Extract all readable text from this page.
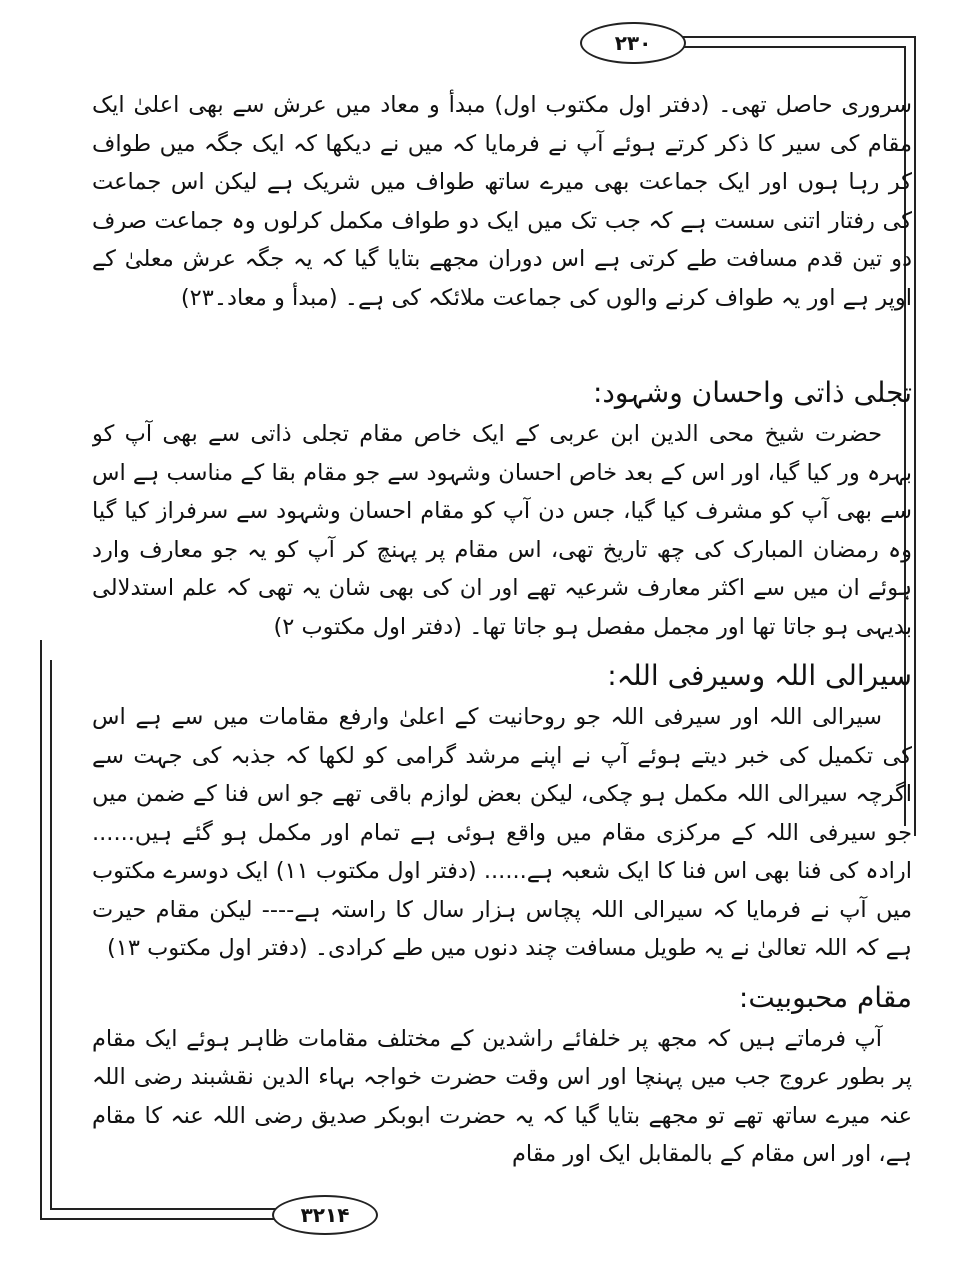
۲۳۰
۳۲۱۴

سروری حاصل تھی۔ (دفتر اول مکتوب اول) مبدأ و معاد میں عرش سے بھی اعلیٰ ایک مقام کی سیر کا ذکر کرتے ہوئے آپ نے فرمایا کہ میں نے دیکھا کہ ایک جگہ میں طواف کر رہا ہوں اور ایک جماعت بھی میرے ساتھ طواف میں شریک ہے لیکن اس جماعت کی رفتار اتنی سست ہے کہ جب تک میں ایک دو طواف مکمل کرلوں وہ جماعت صرف دو تین قدم مسافت طے کرتی ہے اس دوران مجھے بتایا گیا کہ یہ جگہ عرش معلیٰ کے اوپر ہے اور یہ طواف کرنے والوں کی جماعت ملائکہ کی ہے۔ (مبدأ و معاد۔۲۳)

تجلی ذاتی واحسان وشہود:

حضرت شیخ محی الدین ابن عربی کے ایک خاص مقام تجلی ذاتی سے بھی آپ کو بہرہ ور کیا گیا، اور اس کے بعد خاص احسان وشہود سے جو مقام بقا کے مناسب ہے اس سے بھی آپ کو مشرف کیا گیا، جس دن آپ کو مقام احسان وشہود سے سرفراز کیا گیا وہ رمضان المبارک کی چھ تاریخ تھی، اس مقام پر پہنچ کر آپ کو یہ جو معارف وارد ہوئے ان میں سے اکثر معارف شرعیہ تھے اور ان کی بھی شان یہ تھی کہ علم استدلالی بدیہی ہو جاتا تھا اور مجمل مفصل ہو جاتا تھا۔ (دفتر اول مکتوب ۲)

سیرالی اللہ وسیرفی اللہ:

سیرالی اللہ اور سیرفی اللہ جو روحانیت کے اعلیٰ وارفع مقامات میں سے ہے اس کی تکمیل کی خبر دیتے ہوئے آپ نے اپنے مرشد گرامی کو لکھا کہ جذبہ کی جہت سے اگرچہ سیرالی اللہ مکمل ہو چکی، لیکن بعض لوازم باقی تھے جو اس فنا کے ضمن میں جو سیرفی اللہ کے مرکزی مقام میں واقع ہوئی ہے تمام اور مکمل ہو گئے ہیں...... ارادہ کی فنا بھی اس فنا کا ایک شعبہ ہے...... (دفتر اول مکتوب ۱۱) ایک دوسرے مکتوب میں آپ نے فرمایا کہ سیرالی اللہ پچاس ہزار سال کا راستہ ہے---- لیکن مقام حیرت ہے کہ اللہ تعالیٰ نے یہ طویل مسافت چند دنوں میں طے کرادی۔ (دفتر اول مکتوب ۱۳)

مقام محبوبیت:

آپ فرماتے ہیں کہ مجھ پر خلفائے راشدین کے مختلف مقامات ظاہر ہوئے ایک مقام پر بطور عروج جب میں پہنچا اور اس وقت حضرت خواجہ بہاء الدین نقشبند رضی اللہ عنہ میرے ساتھ تھے تو مجھے بتایا گیا کہ یہ حضرت ابوبکر صدیق رضی اللہ عنہ کا مقام ہے، اور اس مقام کے بالمقابل ایک اور مقام
